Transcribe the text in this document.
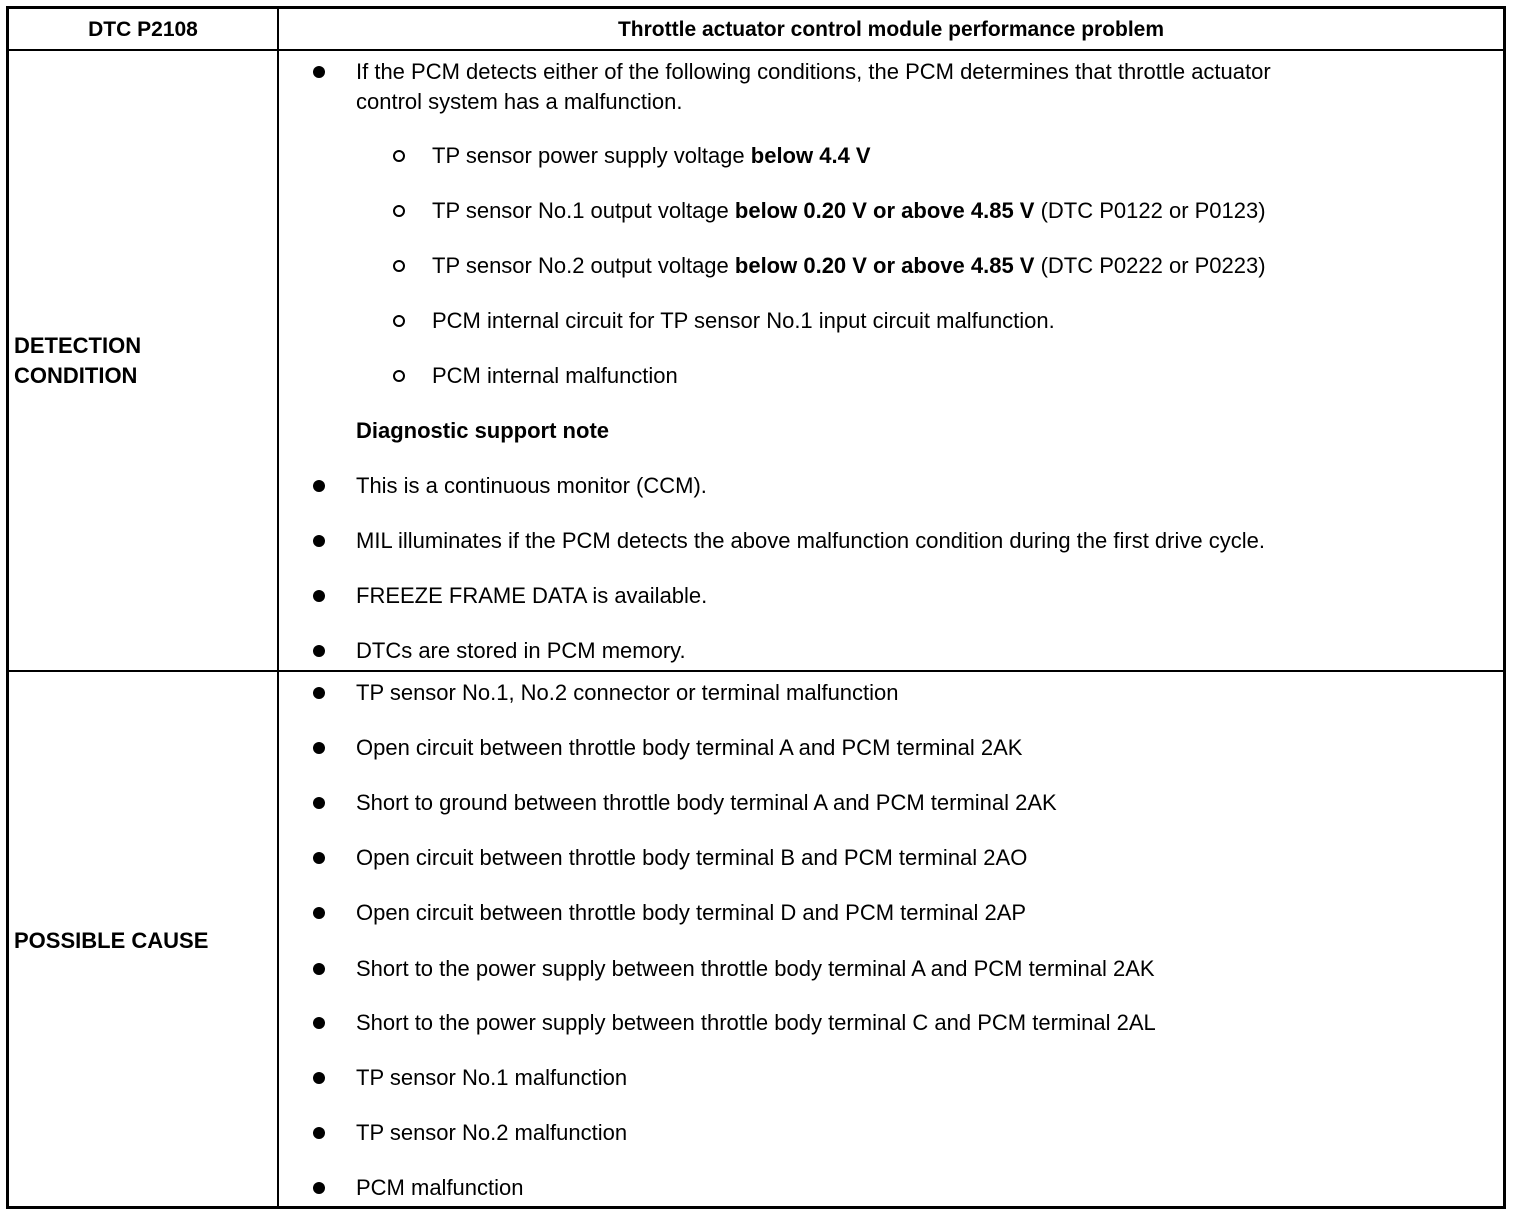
DTC P2108	Throttle actuator control module performance problem
DETECTION
CONDITION
POSSIBLE CAUSE
If the PCM detects either of the following conditions, the PCM determines that throttle actuator
control system has a malfunction.
TP sensor power supply voltage below 4.4 V
TP sensor No.1 output voltage below 0.20 V or above 4.85 V (DTC P0122 or P0123)
TP sensor No.2 output voltage below 0.20 V or above 4.85 V (DTC P0222 or P0223)
PCM internal circuit for TP sensor No.1 input circuit malfunction.
PCM internal malfunction
Diagnostic support note
This is a continuous monitor (CCM).
MIL illuminates if the PCM detects the above malfunction condition during the first drive cycle.
FREEZE FRAME DATA is available.
DTCs are stored in PCM memory.
TP sensor No.1, No.2 connector or terminal malfunction
Open circuit between throttle body terminal A and PCM terminal 2AK
Short to ground between throttle body terminal A and PCM terminal 2AK
Open circuit between throttle body terminal B and PCM terminal 2AO
Open circuit between throttle body terminal D and PCM terminal 2AP
Short to the power supply between throttle body terminal A and PCM terminal 2AK
Short to the power supply between throttle body terminal C and PCM terminal 2AL
TP sensor No.1 malfunction
TP sensor No.2 malfunction
PCM malfunction
